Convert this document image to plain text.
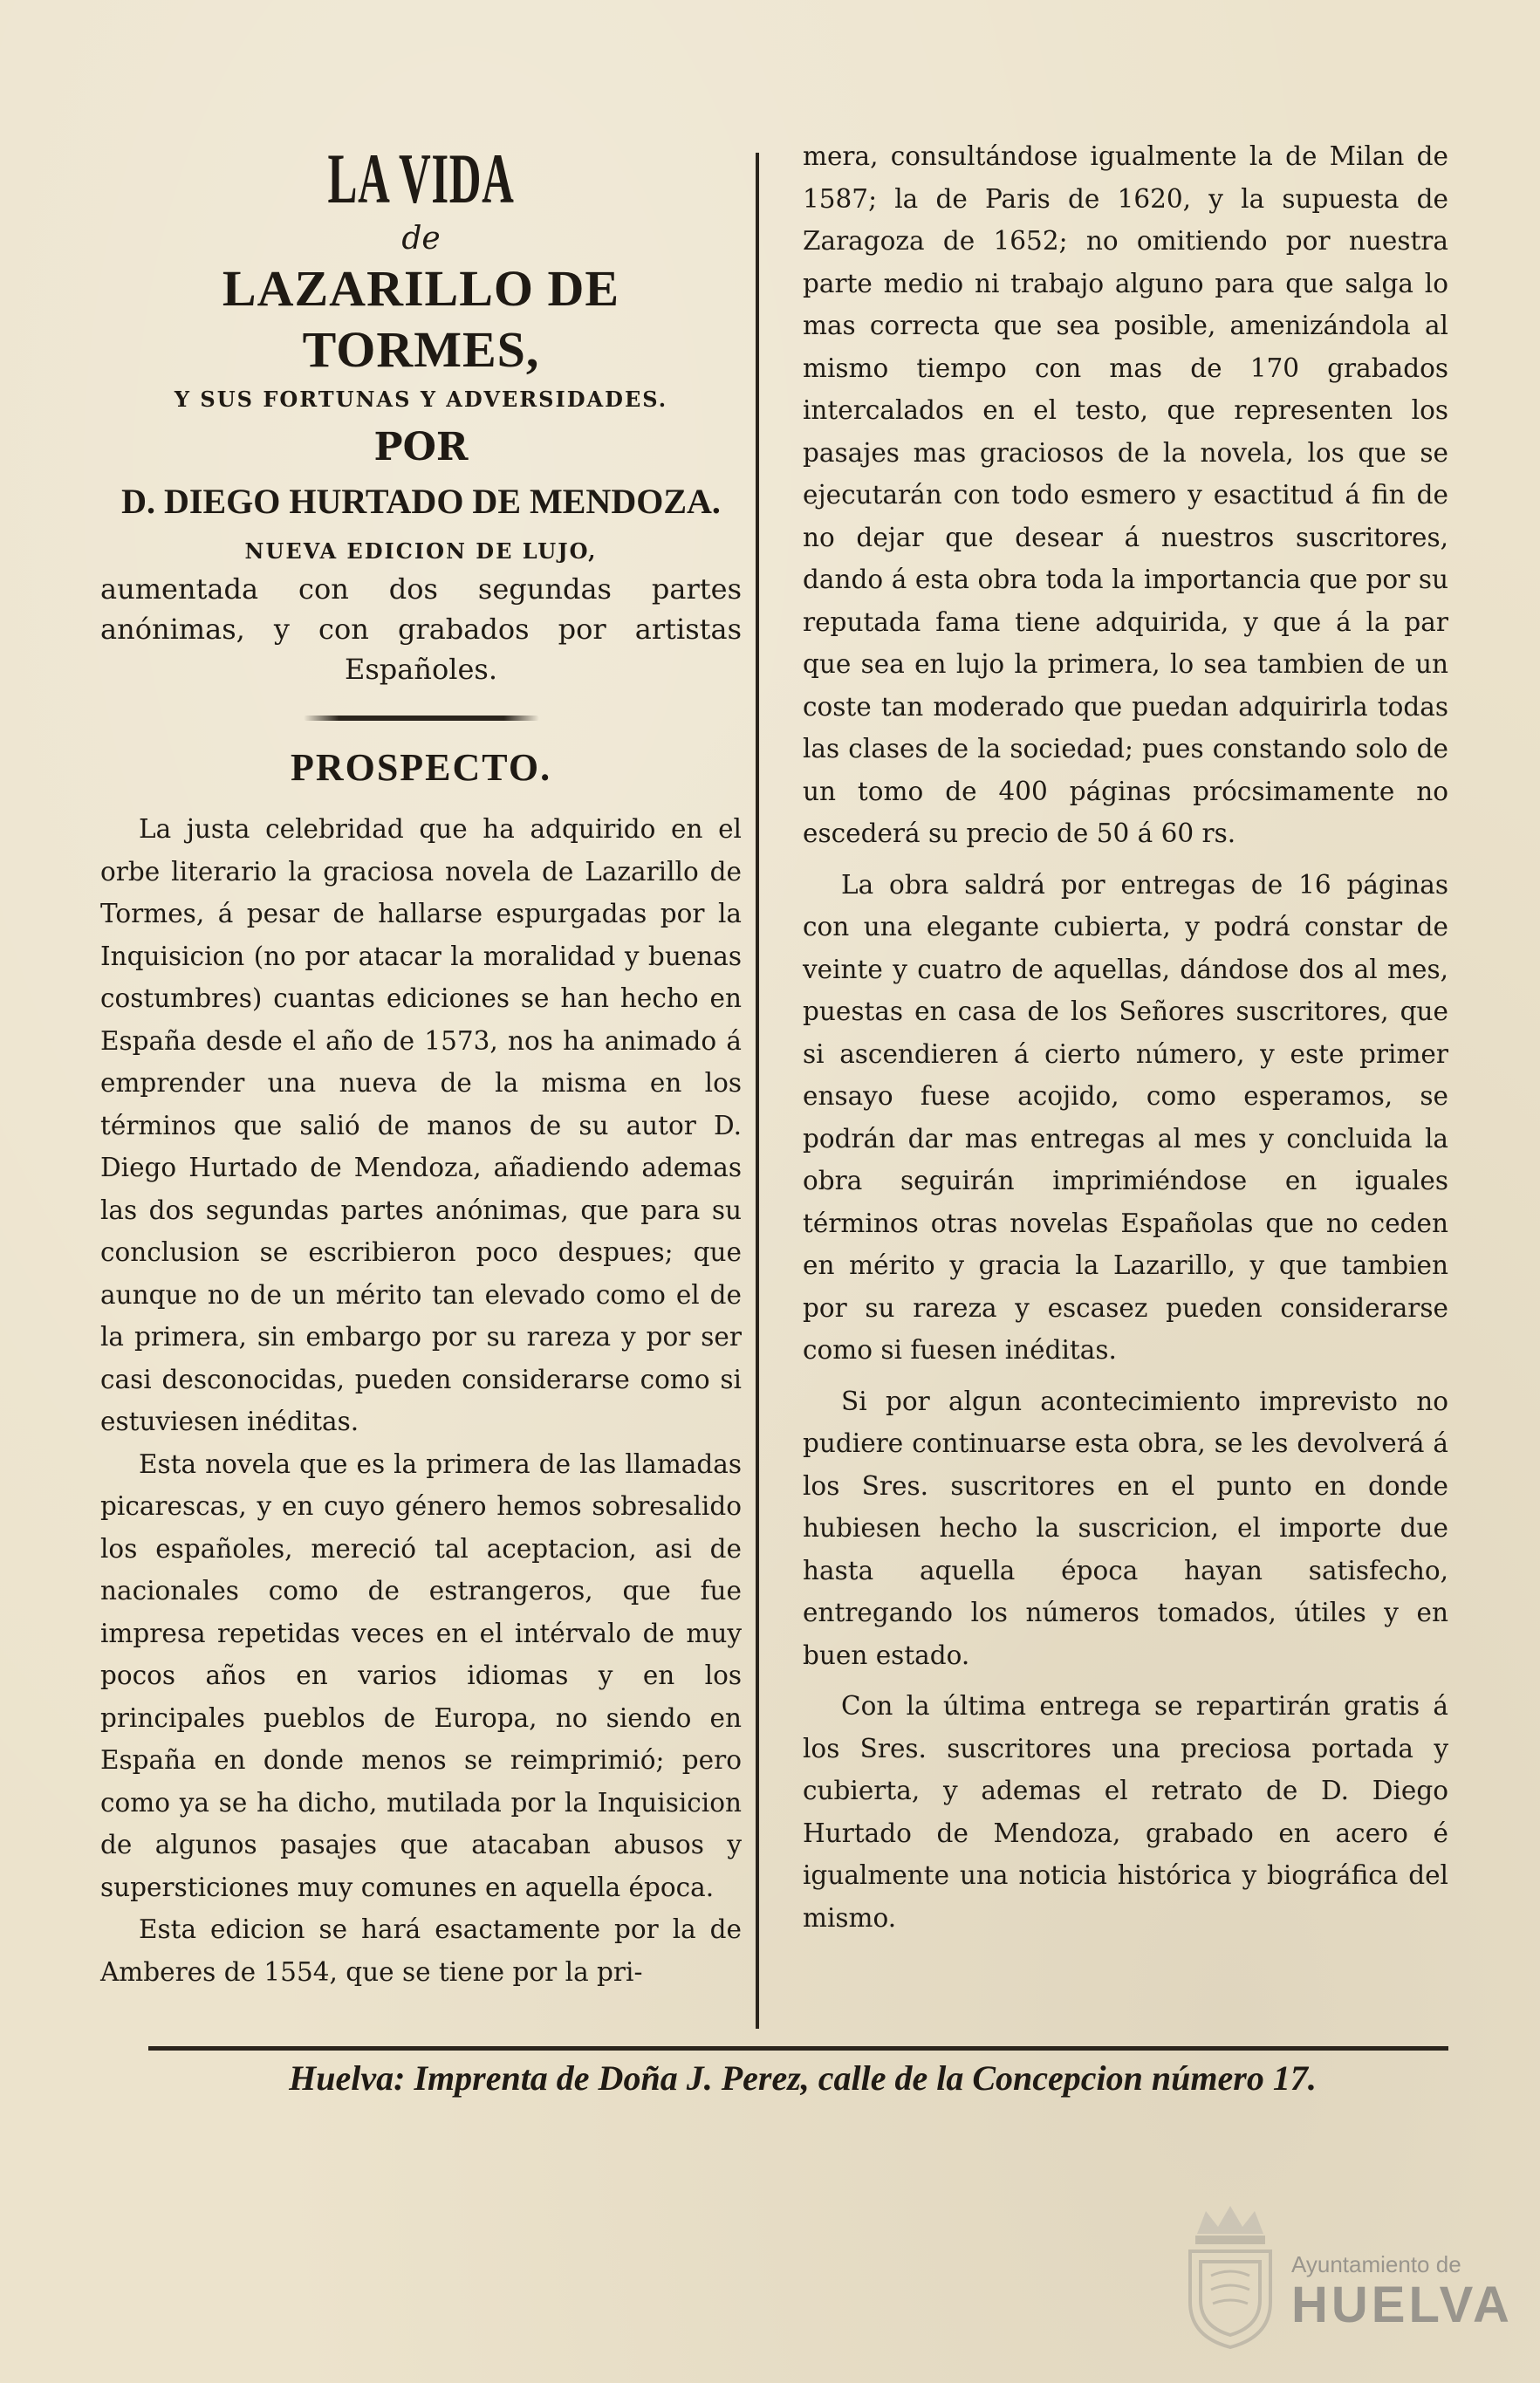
LA VIDA

de

LAZARILLO DE TORMES,

Y SUS FORTUNAS Y ADVERSIDADES.

POR

D. DIEGO HURTADO DE MENDOZA.

NUEVA EDICION DE LUJO,

aumentada con dos segundas partes anónimas, y con grabados por artistas Españoles.

PROSPECTO.

La justa celebridad que ha adquirido en el orbe literario la graciosa novela de Lazarillo de Tormes, á pesar de hallarse espurgadas por la Inquisicion (no por atacar la moralidad y buenas costumbres) cuantas ediciones se han hecho en España desde el año de 1573, nos ha animado á emprender una nueva de la misma en los términos que salió de manos de su autor D. Diego Hurtado de Mendoza, añadiendo ademas las dos segundas partes anónimas, que para su conclusion se escribieron poco despues; que aunque no de un mérito tan elevado como el de la primera, sin embargo por su rareza y por ser casi desconocidas, pueden considerarse como si estuviesen inéditas.

Esta novela que es la primera de las llamadas picarescas, y en cuyo género hemos sobresalido los españoles, mereció tal aceptacion, asi de nacionales como de estrangeros, que fue impresa repetidas veces en el intérvalo de muy pocos años en varios idiomas y en los principales pueblos de Europa, no siendo en España en donde menos se reimprimió; pero como ya se ha dicho, mutilada por la Inquisicion de algunos pasajes que atacaban abusos y supersticiones muy comunes en aquella época.

Esta edicion se hará esactamente por la de Amberes de 1554, que se tiene por la pri-

mera, consultándose igualmente la de Milan de 1587; la de Paris de 1620, y la supuesta de Zaragoza de 1652; no omitiendo por nuestra parte medio ni trabajo alguno para que salga lo mas correcta que sea posible, amenizándola al mismo tiempo con mas de 170 grabados intercalados en el testo, que representen los pasajes mas graciosos de la novela, los que se ejecutarán con todo esmero y esactitud á fin de no dejar que desear á nuestros suscritores, dando á esta obra toda la importancia que por su reputada fama tiene adquirida, y que á la par que sea en lujo la primera, lo sea tambien de un coste tan moderado que puedan adquirirla todas las clases de la sociedad; pues constando solo de un tomo de 400 páginas prócsimamente no escederá su precio de 50 á 60 rs.

La obra saldrá por entregas de 16 páginas con una elegante cubierta, y podrá constar de veinte y cuatro de aquellas, dándose dos al mes, puestas en casa de los Señores suscritores, que si ascendieren á cierto número, y este primer ensayo fuese acojido, como esperamos, se podrán dar mas entregas al mes y concluida la obra seguirán imprimiéndose en iguales términos otras novelas Españolas que no ceden en mérito y gracia la Lazarillo, y que tambien por su rareza y escasez pueden considerarse como si fuesen inéditas.

Si por algun acontecimiento imprevisto no pudiere continuarse esta obra, se les devolverá á los Sres. suscritores en el punto en donde hubiesen hecho la suscricion, el importe due hasta aquella época hayan satisfecho, entregando los números tomados, útiles y en buen estado.

Con la última entrega se repartirán gratis á los Sres. suscritores una preciosa portada y cubierta, y ademas el retrato de D. Diego Hurtado de Mendoza, grabado en acero é igualmente una noticia histórica y biográfica del mismo.

Huelva: Imprenta de Doña J. Perez, calle de la Concepcion número 17.

Ayuntamiento de

HUELVA
